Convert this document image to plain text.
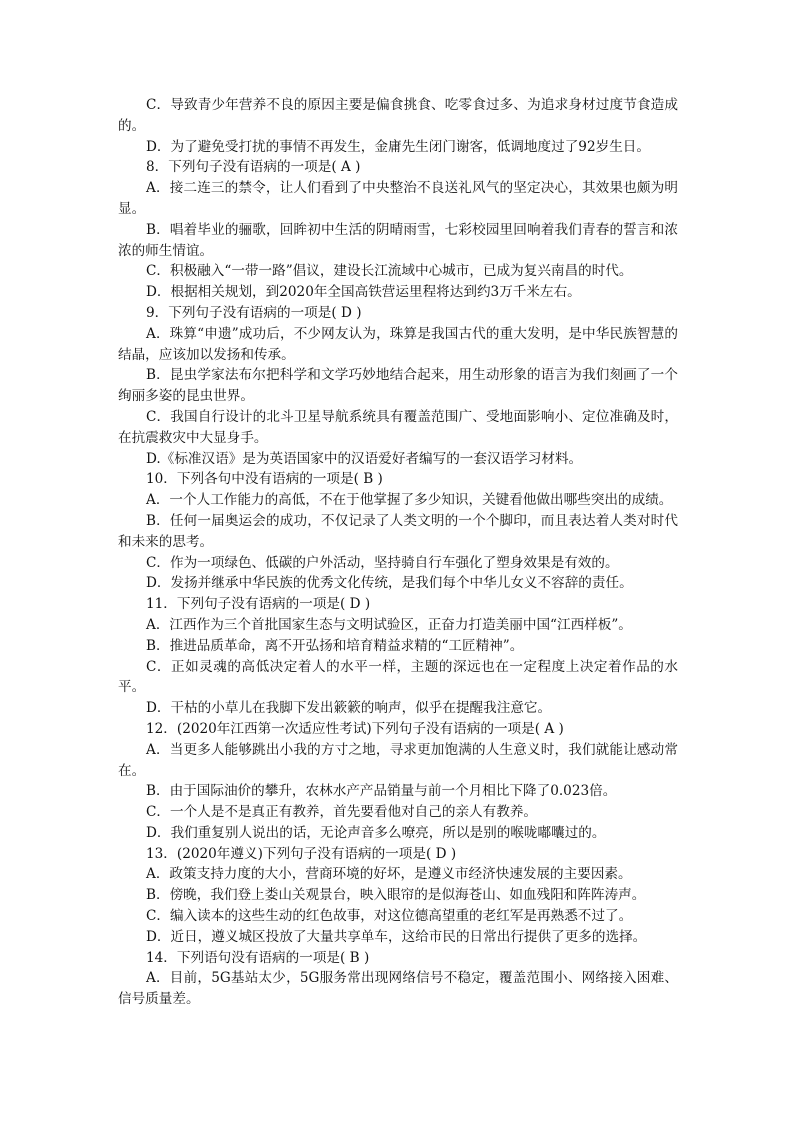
C．导致青少年营养不良的原因主要是偏食挑食、吃零食过多、为追求身材过度节食造成的。

D．为了避免受打扰的事情不再发生，金庸先生闭门谢客，低调地度过了92岁生日。

8．下列句子没有语病的一项是( A )

A．接二连三的禁令，让人们看到了中央整治不良送礼风气的坚定决心，其效果也颇为明显。

B．唱着毕业的骊歌，回眸初中生活的阴晴雨雪，七彩校园里回响着我们青春的誓言和浓浓的师生情谊。

C．积极融入“一带一路”倡议，建设长江流域中心城市，已成为复兴南昌的时代。

D．根据相关规划，到2020年全国高铁营运里程将达到约3万千米左右。

9．下列句子没有语病的一项是( D )

A．珠算“申遗”成功后，不少网友认为，珠算是我国古代的重大发明，是中华民族智慧的结晶，应该加以发扬和传承。

B．昆虫学家法布尔把科学和文学巧妙地结合起来，用生动形象的语言为我们刻画了一个绚丽多姿的昆虫世界。

C．我国自行设计的北斗卫星导航系统具有覆盖范围广、受地面影响小、定位准确及时，在抗震救灾中大显身手。

D.《标准汉语》是为英语国家中的汉语爱好者编写的一套汉语学习材料。

10．下列各句中没有语病的一项是( B )

A．一个人工作能力的高低，不在于他掌握了多少知识，关键看他做出哪些突出的成绩。

B．任何一届奥运会的成功，不仅记录了人类文明的一个个脚印，而且表达着人类对时代和未来的思考。

C．作为一项绿色、低碳的户外活动，坚持骑自行车强化了塑身效果是有效的。

D．发扬并继承中华民族的优秀文化传统，是我们每个中华儿女义不容辞的责任。

11．下列句子没有语病的一项是( D )

A．江西作为三个首批国家生态与文明试验区，正奋力打造美丽中国“江西样板”。

B．推进品质革命，离不开弘扬和培育精益求精的“工匠精神”。

C．正如灵魂的高低决定着人的水平一样，主题的深远也在一定程度上决定着作品的水平。

D．干枯的小草儿在我脚下发出簌簌的响声，似乎在提醒我注意它。

12．(2020年江西第一次适应性考试)下列句子没有语病的一项是( A )

A．当更多人能够跳出小我的方寸之地，寻求更加饱满的人生意义时，我们就能让感动常在。

B．由于国际油价的攀升，农林水产产品销量与前一个月相比下降了0.023倍。

C．一个人是不是真正有教养，首先要看他对自己的亲人有教养。

D．我们重复别人说出的话，无论声音多么嘹亮，所以是别的喉咙嘟囔过的。

13．(2020年遵义)下列句子没有语病的一项是( D )

A．政策支持力度的大小，营商环境的好坏，是遵义市经济快速发展的主要因素。

B．傍晚，我们登上娄山关观景台，映入眼帘的是似海苍山、如血残阳和阵阵涛声。

C．编入读本的这些生动的红色故事，对这位德高望重的老红军是再熟悉不过了。

D．近日，遵义城区投放了大量共享单车，这给市民的日常出行提供了更多的选择。

14．下列语句没有语病的一项是( B )

A．目前，5G基站太少，5G服务常出现网络信号不稳定，覆盖范围小、网络接入困难、信号质量差。
